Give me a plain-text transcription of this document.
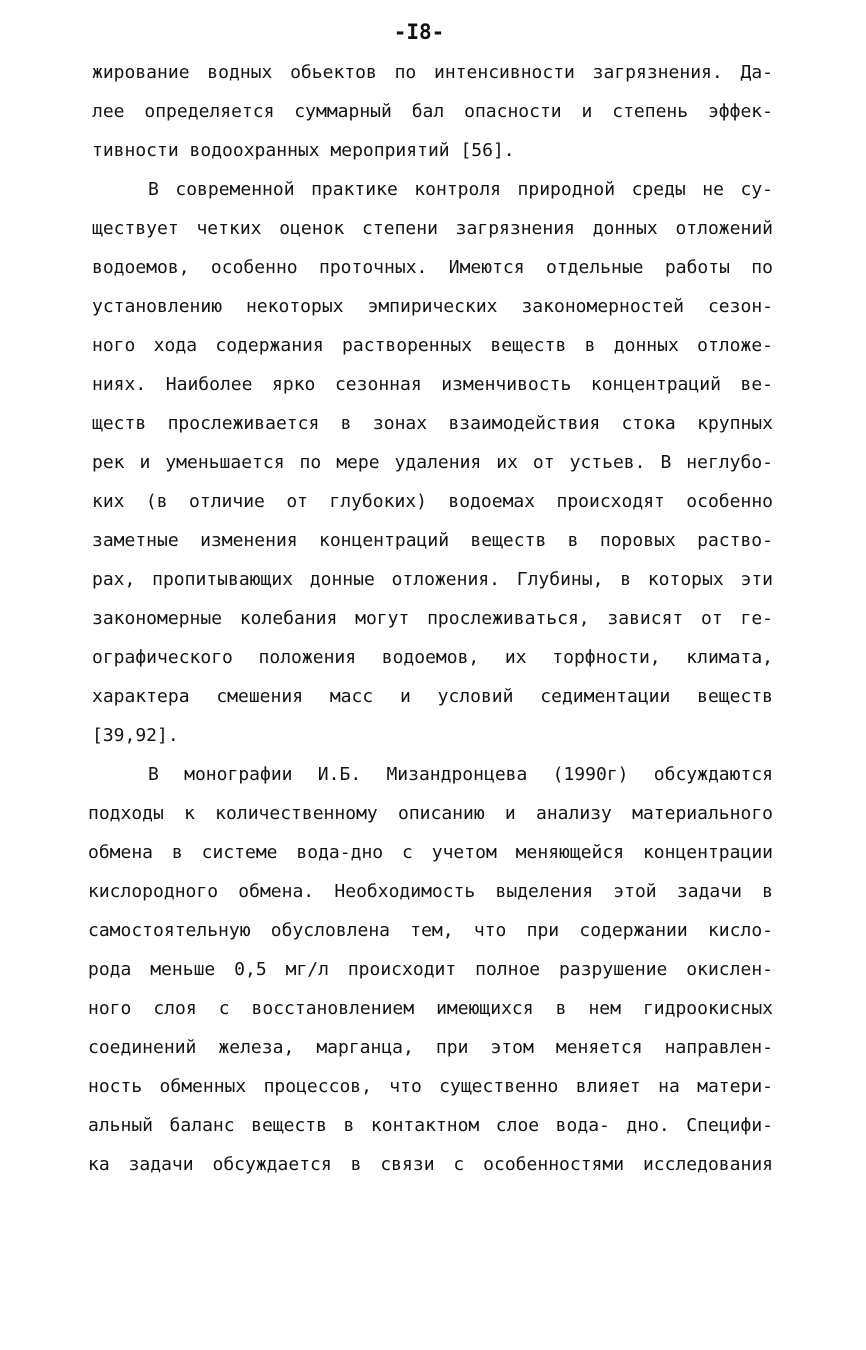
-I8-
жирование водных обьектов по интенсивности загрязнения. Да-
лее определяется суммарный бал опасности и степень эффек-
тивности водоохранных мероприятий [56].
В современной практике контроля природной среды не су-
ществует четких оценок степени загрязнения донных отложений
водоемов, особенно проточных. Имеются отдельные работы по
установлению некоторых эмпирических закономерностей сезон-
ного хода содержания растворенных веществ в донных отложе-
ниях. Наиболее ярко сезонная изменчивость концентраций ве-
ществ прослеживается в зонах взаимодействия стока крупных
рек и уменьшается по мере удаления их от устьев. В неглубо-
ких (в отличие от глубоких) водоемах происходят особенно
заметные изменения концентраций веществ в поровых раство-
рах, пропитывающих донные отложения. Глубины, в которых эти
закономерные колебания могут прослеживаться, зависят от ге-
ографического положения водоемов, их торфности, климата,
характера смешения масс и условий седиментации веществ
[39,92].
В монографии И.Б. Мизандронцева (1990г) обсуждаются
подходы к количественному описанию и анализу материального
обмена в системе вода-дно с учетом меняющейся концентрации
кислородного обмена. Необходимость выделения этой задачи в
самостоятельную обусловлена тем, что при содержании кисло-
рода меньше 0,5 мг/л происходит полное разрушение окислен-
ного слоя с восстановлением имеющихся в нем гидроокисных
соединений железа, марганца, при этом меняется направлен-
ность обменных процессов, что существенно влияет на матери-
альный баланс веществ в контактном слое вода- дно. Специфи-
ка задачи обсуждается в связи с особенностями исследования
